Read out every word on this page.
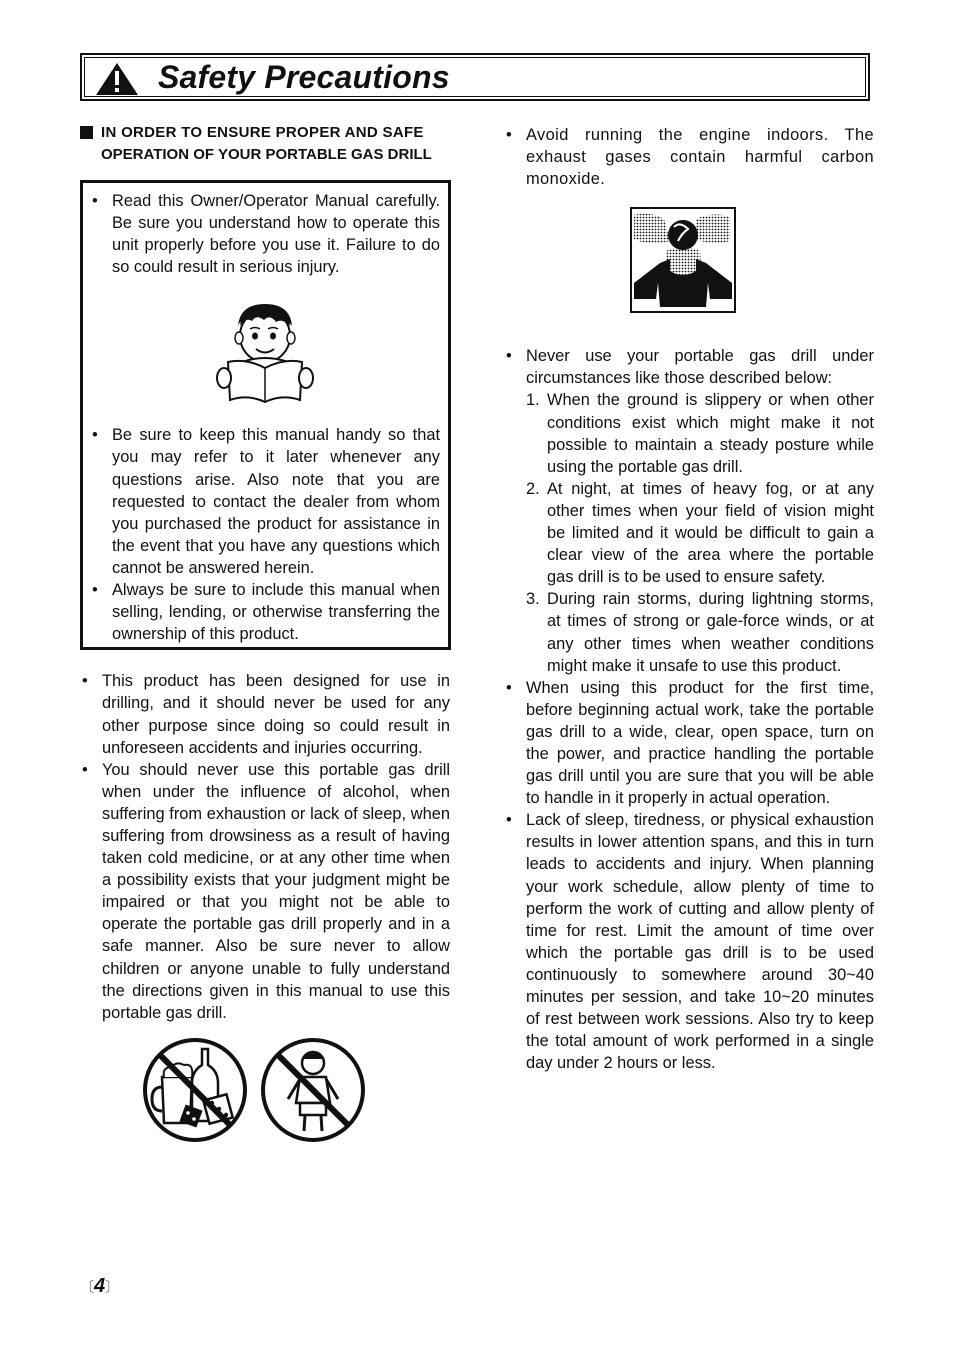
Safety Precautions
IN ORDER TO ENSURE PROPER AND SAFE
OPERATION OF YOUR PORTABLE GAS DRILL
• Read this Owner/Operator Manual carefully. Be sure you understand how to operate this unit properly before you use it. Failure to do so could result in serious injury.
• Be sure to keep this manual handy so that you may refer to it later whenever any questions arise. Also note that you are requested to contact the dealer from whom you purchased the product for assistance in the event that you have any questions which cannot be answered herein.
• Always be sure to include this manual when selling, lending, or otherwise transferring the ownership of this product.
• This product has been designed for use in drilling, and it should never be used for any other purpose since doing so could result in unforeseen accidents and injuries occurring.
• You should never use this portable gas drill when under the influence of alcohol, when suffering from exhaustion or lack of sleep, when suffering from drowsiness as a result of having taken cold medicine, or at any other time when a possibility exists that your judgment might be impaired or that you might not be able to operate the portable gas drill properly and in a safe manner. Also be sure never to allow children or anyone unable to fully understand the directions given in this manual to use this portable gas drill.
• Avoid running the engine indoors. The exhaust gases contain harmful carbon monoxide.
• Never use your portable gas drill under circumstances like those described below:
1. When the ground is slippery or when other conditions exist which might make it not possible to maintain a steady posture while using the portable gas drill.
2. At night, at times of heavy fog, or at any other times when your field of vision might be limited and it would be difficult to gain a clear view of the area where the portable gas drill is to be used to ensure safety.
3. During rain storms, during lightning storms, at times of strong or gale-force winds, or at any other times when weather conditions might make it unsafe to use this product.
• When using this product for the first time, before beginning actual work, take the portable gas drill to a wide, clear, open space, turn on the power, and practice handling the portable gas drill until you are sure that you will be able to handle in it properly in actual operation.
• Lack of sleep, tiredness, or physical exhaustion results in lower attention spans, and this in turn leads to accidents and injury. When planning your work schedule, allow plenty of time to perform the work of cutting and allow plenty of time for rest. Limit the amount of time over which the portable gas drill is to be used continuously to somewhere around 30~40 minutes per session, and take 10~20 minutes of rest between work sessions. Also try to keep the total amount of work performed in a single day under 2 hours or less.
〔4〕
